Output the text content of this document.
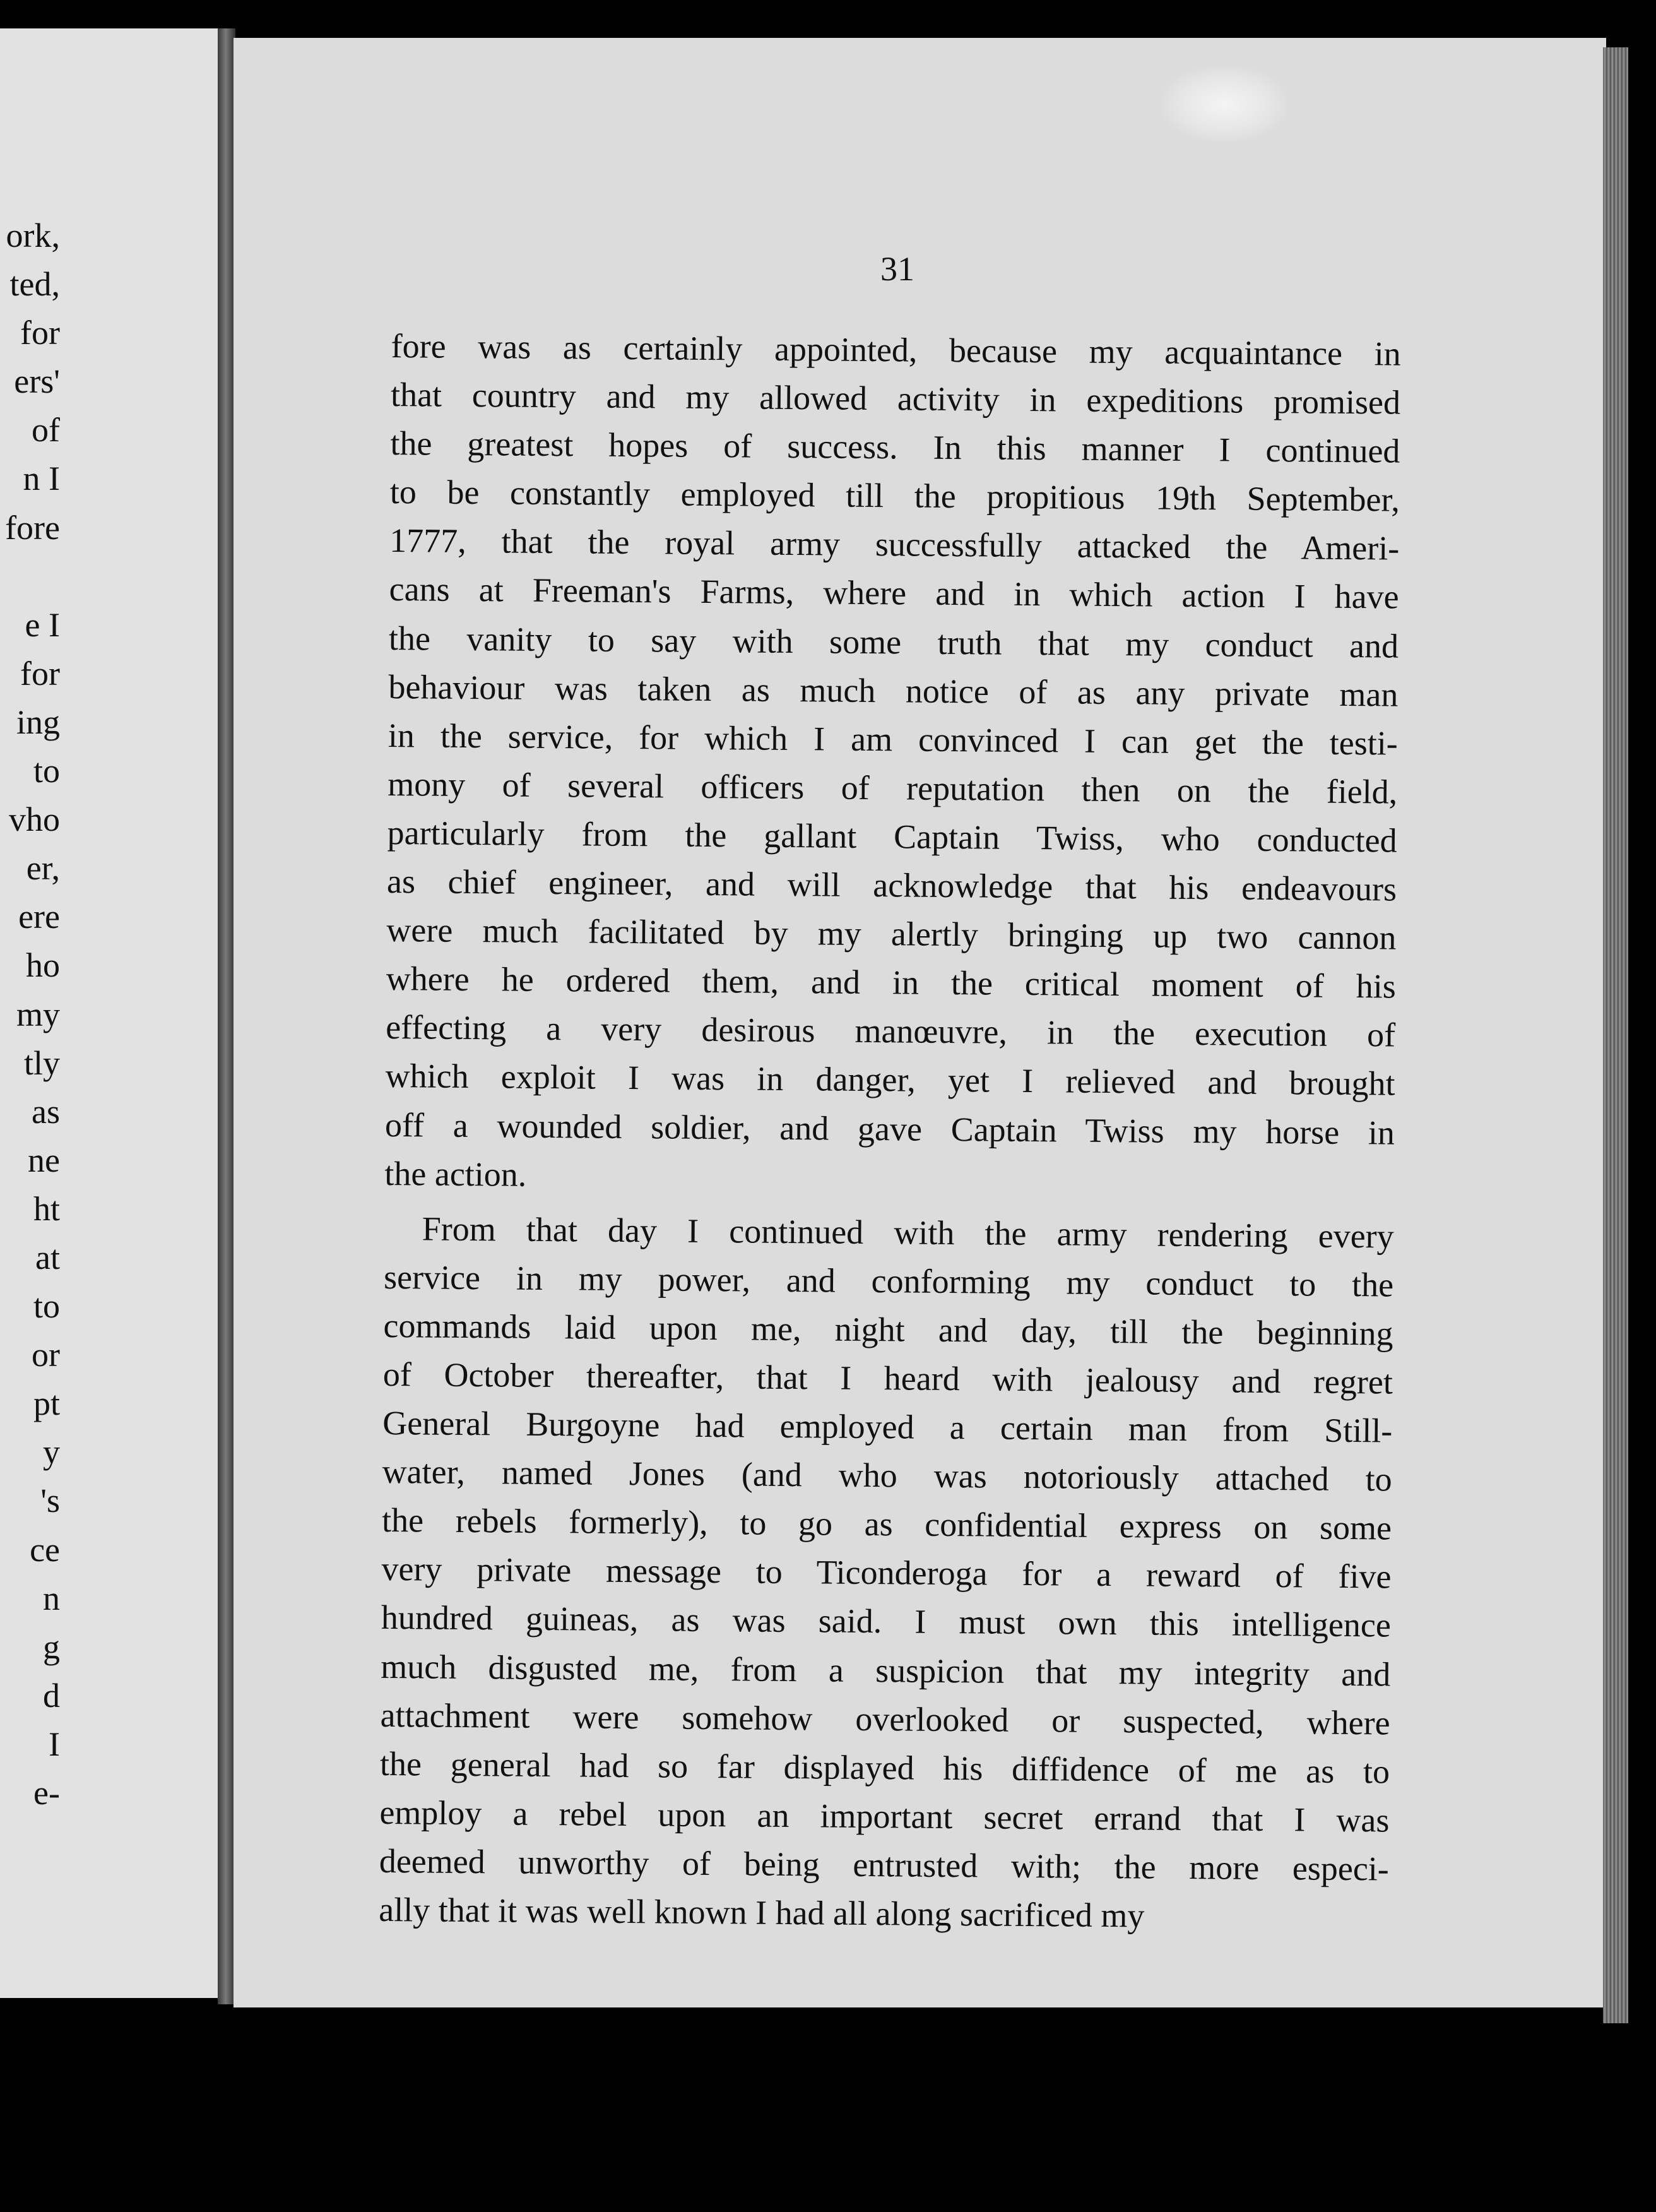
ork,
ted,
for
ers'
of
n I
fore

e I
for
ing
to
vho
er,
ere
ho
my
tly
as
ne
ht
at
to
or
pt
y
's
ce
n
g
d
I
e-
31
fore was as certainly appointed, because my acquaintance in
that country and my allowed activity in expeditions promised
the greatest hopes of success. In this manner I continued
to be constantly employed till the propitious 19th September,
1777, that the royal army successfully attacked the Ameri-
cans at Freeman's Farms, where and in which action I have
the vanity to say with some truth that my conduct and
behaviour was taken as much notice of as any private man
in the service, for which I am convinced I can get the testi-
mony of several officers of reputation then on the field,
particularly from the gallant Captain Twiss, who conducted
as chief engineer, and will acknowledge that his endeavours
were much facilitated by my alertly bringing up two cannon
where he ordered them, and in the critical moment of his
effecting a very desirous manœuvre, in the execution of
which exploit I was in danger, yet I relieved and brought
off a wounded soldier, and gave Captain Twiss my horse in
the action.
From that day I continued with the army rendering every
service in my power, and conforming my conduct to the
commands laid upon me, night and day, till the beginning
of October thereafter, that I heard with jealousy and regret
General Burgoyne had employed a certain man from Still-
water, named Jones (and who was notoriously attached to
the rebels formerly), to go as confidential express on some
very private message to Ticonderoga for a reward of five
hundred guineas, as was said. I must own this intelligence
much disgusted me, from a suspicion that my integrity and
attachment were somehow overlooked or suspected, where
the general had so far displayed his diffidence of me as to
employ a rebel upon an important secret errand that I was
deemed unworthy of being entrusted with; the more especi-
ally that it was well known I had all along sacrificed my
